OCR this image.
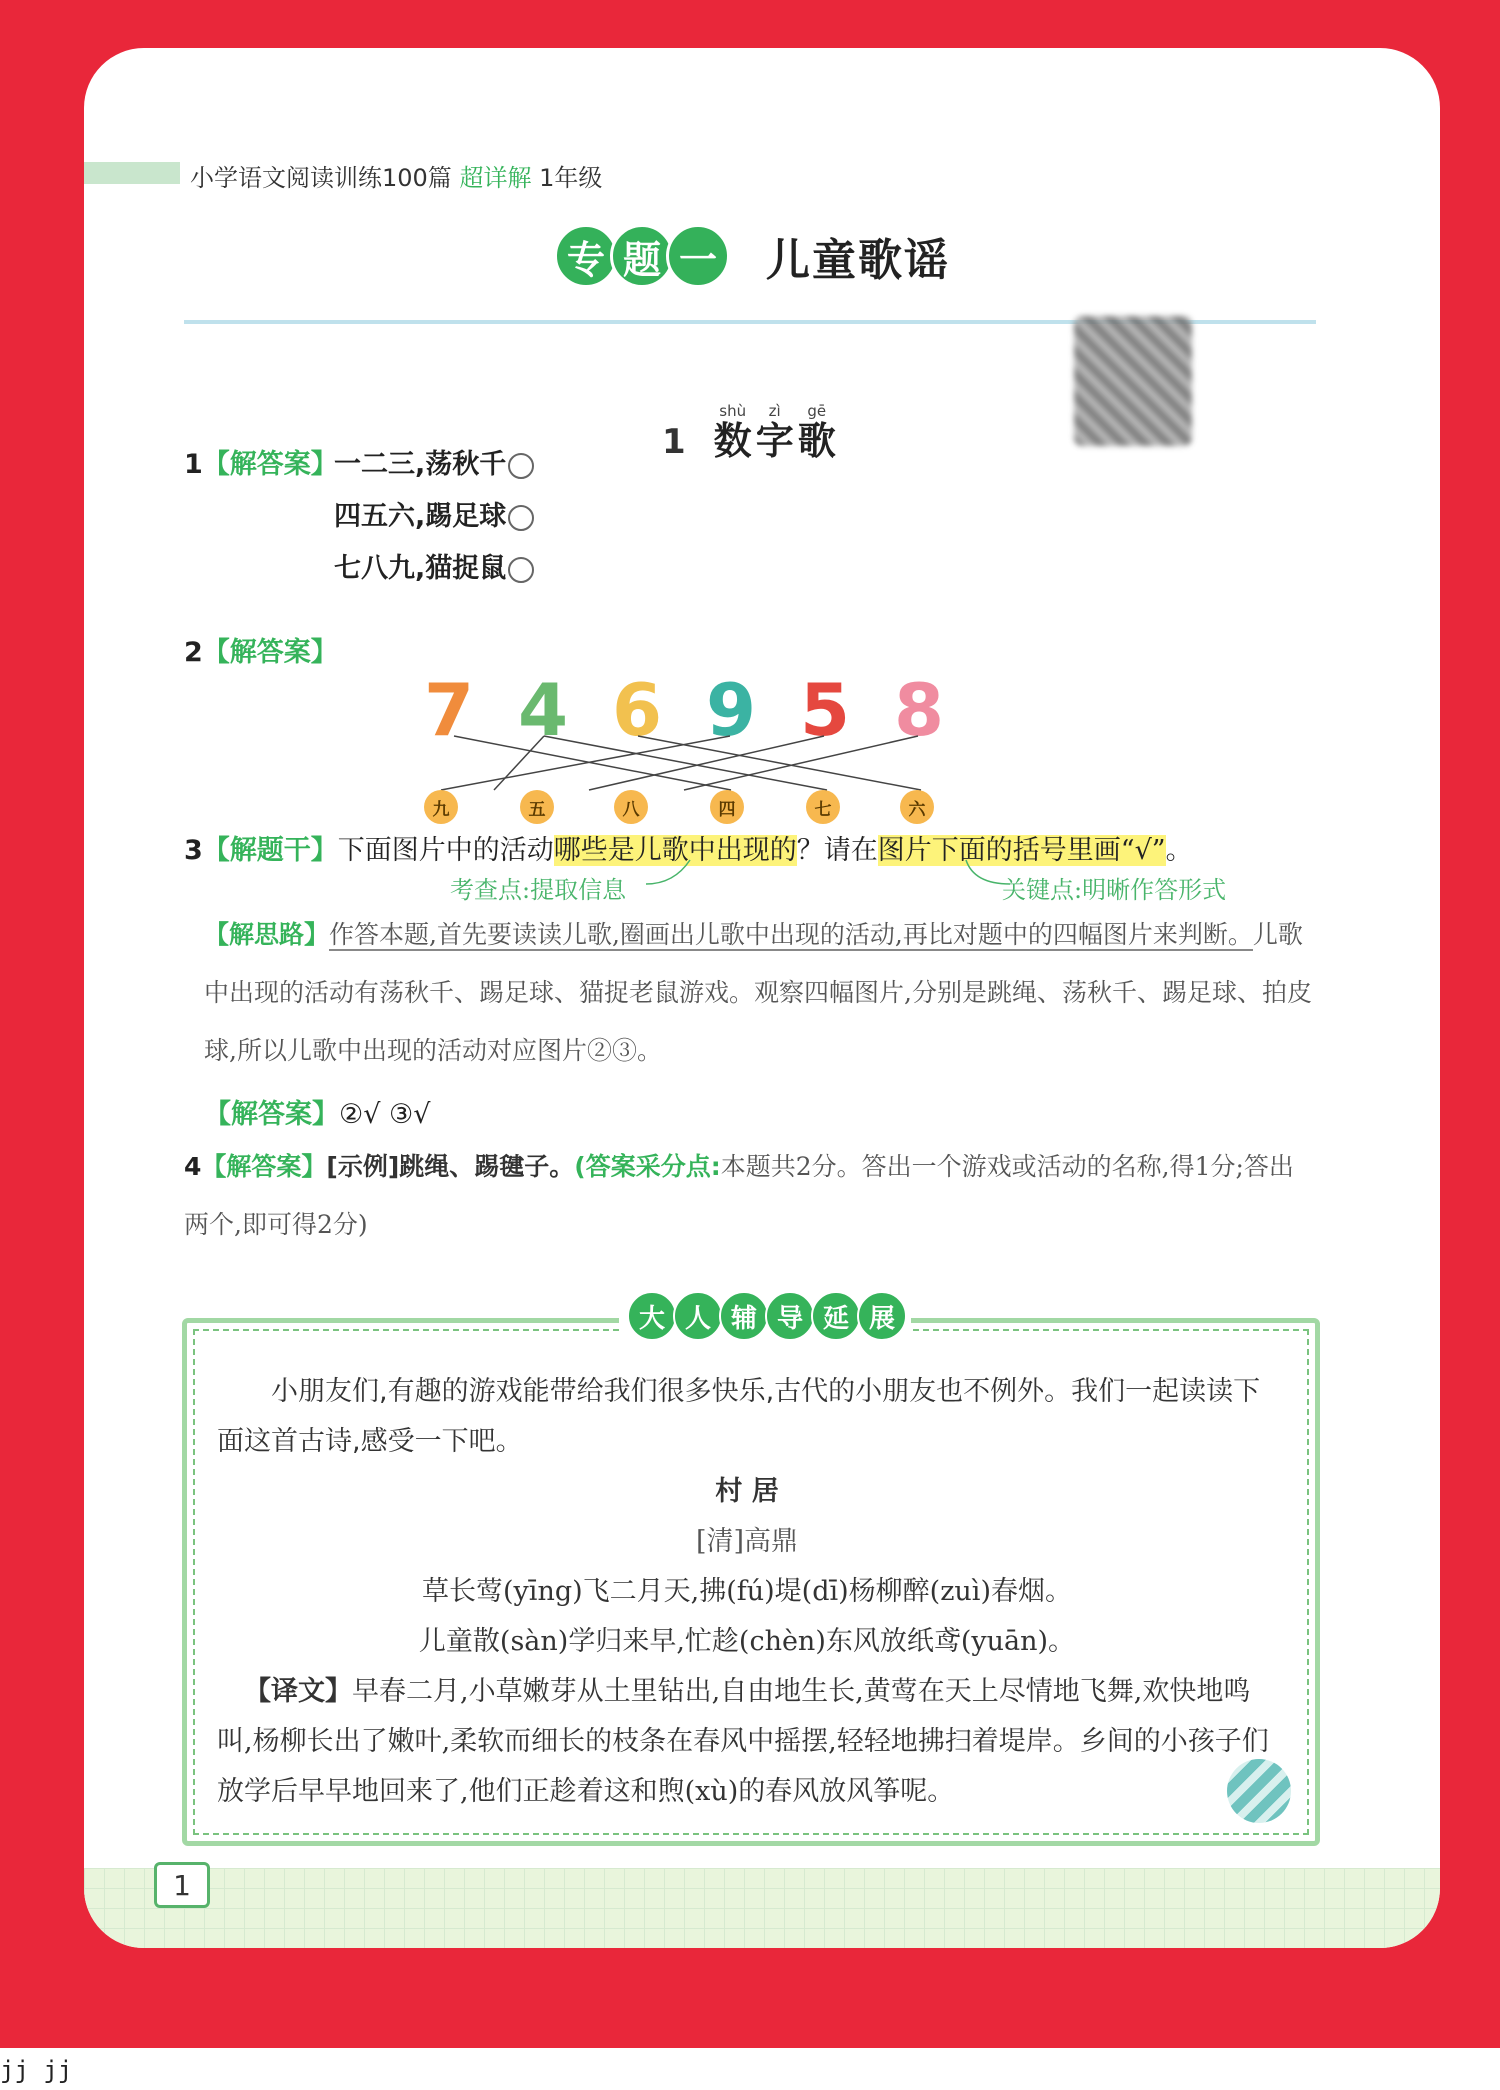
小学语文阅读训练100篇 超详解 1年级
专 题 一 儿童歌谣
1
shù
数
zì
字
gē
歌
1【解答案】
一二三,荡秋千
四五六,踢足球
七八九,猫捉鼠
2【解答案】
7 4 6 9 5 8
九	五	八	四	七	六
3【解题干】下面图片中的活动哪些是儿歌中出现的？请在图片下面的括号里画“√”。
考查点:提取信息	关键点:明晰作答形式
【解思路】作答本题,首先要读读儿歌,圈画出儿歌中出现的活动,再比对题中的四幅图片来判断。儿歌中出现的活动有荡秋千、踢足球、猫捉老鼠游戏。观察四幅图片,分别是跳绳、荡秋千、踢足球、拍皮球,所以儿歌中出现的活动对应图片②③。
【解答案】②√ ③√
4【解答案】[示例]跳绳、踢毽子。(答案采分点:本题共2分。答出一个游戏或活动的名称,得1分;答出两个,即可得2分)
大 人 辅 导 延 展
小朋友们,有趣的游戏能带给我们很多快乐,古代的小朋友也不例外。我们一起读读下面这首古诗,感受一下吧。
村 居
[清]高鼎
草长莺(yīng)飞二月天,拂(fú)堤(dī)杨柳醉(zuì)春烟。
儿童散(sàn)学归来早,忙趁(chèn)东风放纸鸢(yuān)。
【译文】早春二月,小草嫩芽从土里钻出,自由地生长,黄莺在天上尽情地飞舞,欢快地鸣叫,杨柳长出了嫩叶,柔软而细长的枝条在春风中摇摆,轻轻地拂扫着堤岸。乡间的小孩子们放学后早早地回来了,他们正趁着这和煦(xù)的春风放风筝呢。
1
jj jj
